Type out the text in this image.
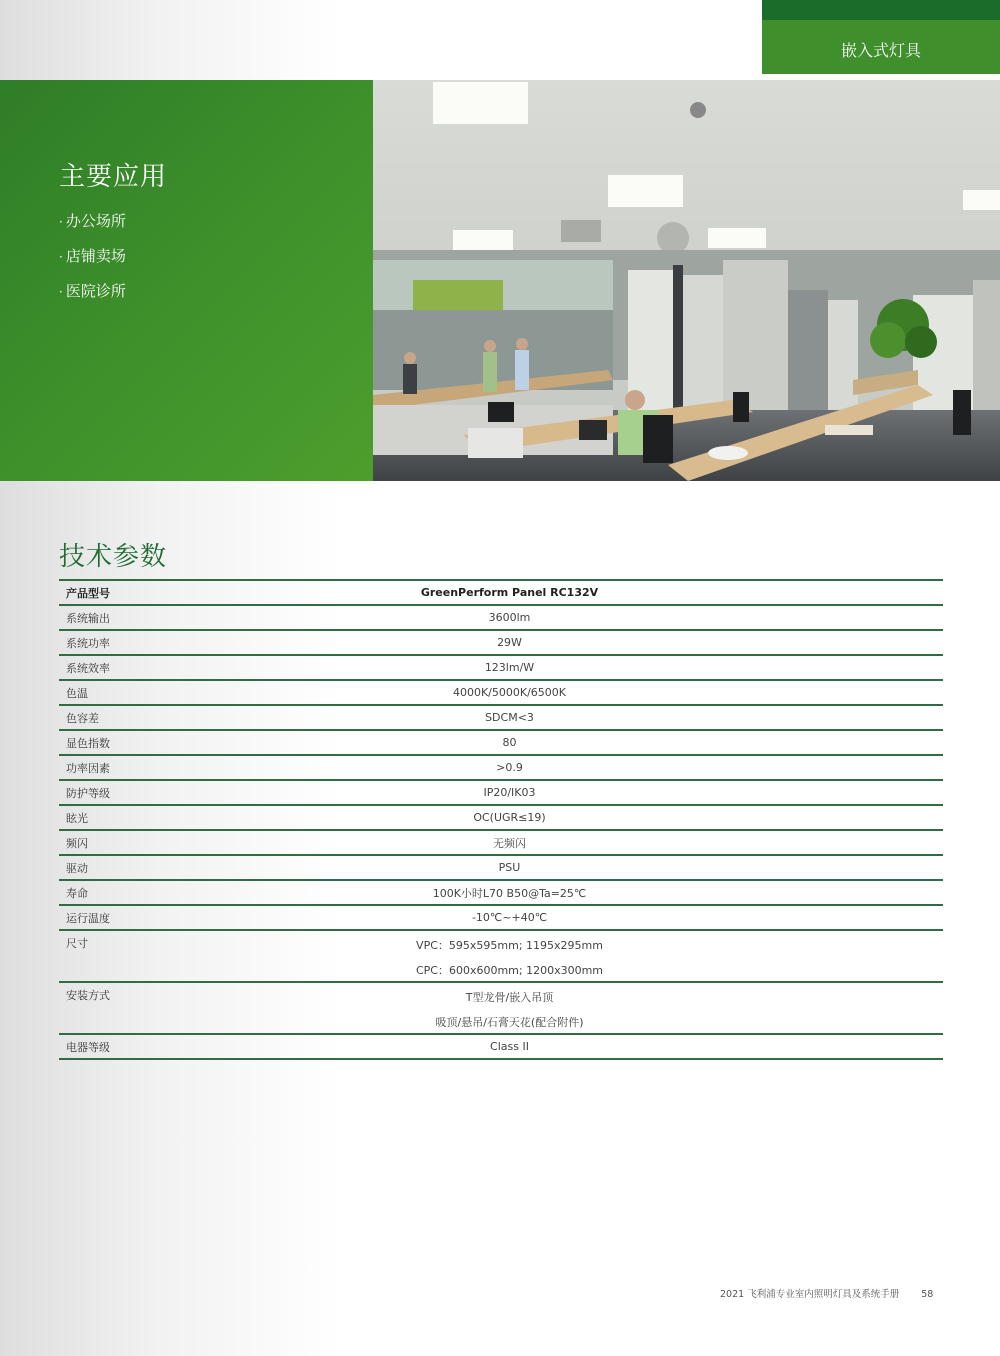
嵌入式灯具
主要应用
· 办公场所
· 店铺卖场
· 医院诊所
技术参数
产品型号	GreenPerform Panel RC132V
系统输出	3600lm
系统功率	29W
系统效率	123lm/W
色温	4000K/5000K/6500K
色容差	SDCM<3
显色指数	80
功率因素	>0.9
防护等级	IP20/IK03
眩光	OC(UGR≤19)
频闪	无频闪
驱动	PSU
寿命	100K小时L70 B50@Ta=25℃
运行温度	-10℃~+40℃
尺寸	VPC：595x595mm; 1195x295mm
	CPC：600x600mm; 1200x300mm
安装方式	T型龙骨/嵌入吊顶
	吸顶/悬吊/石膏天花(配合附件)
电器等级	Class II
2021 飞利浦专业室内照明灯具及系统手册 58
